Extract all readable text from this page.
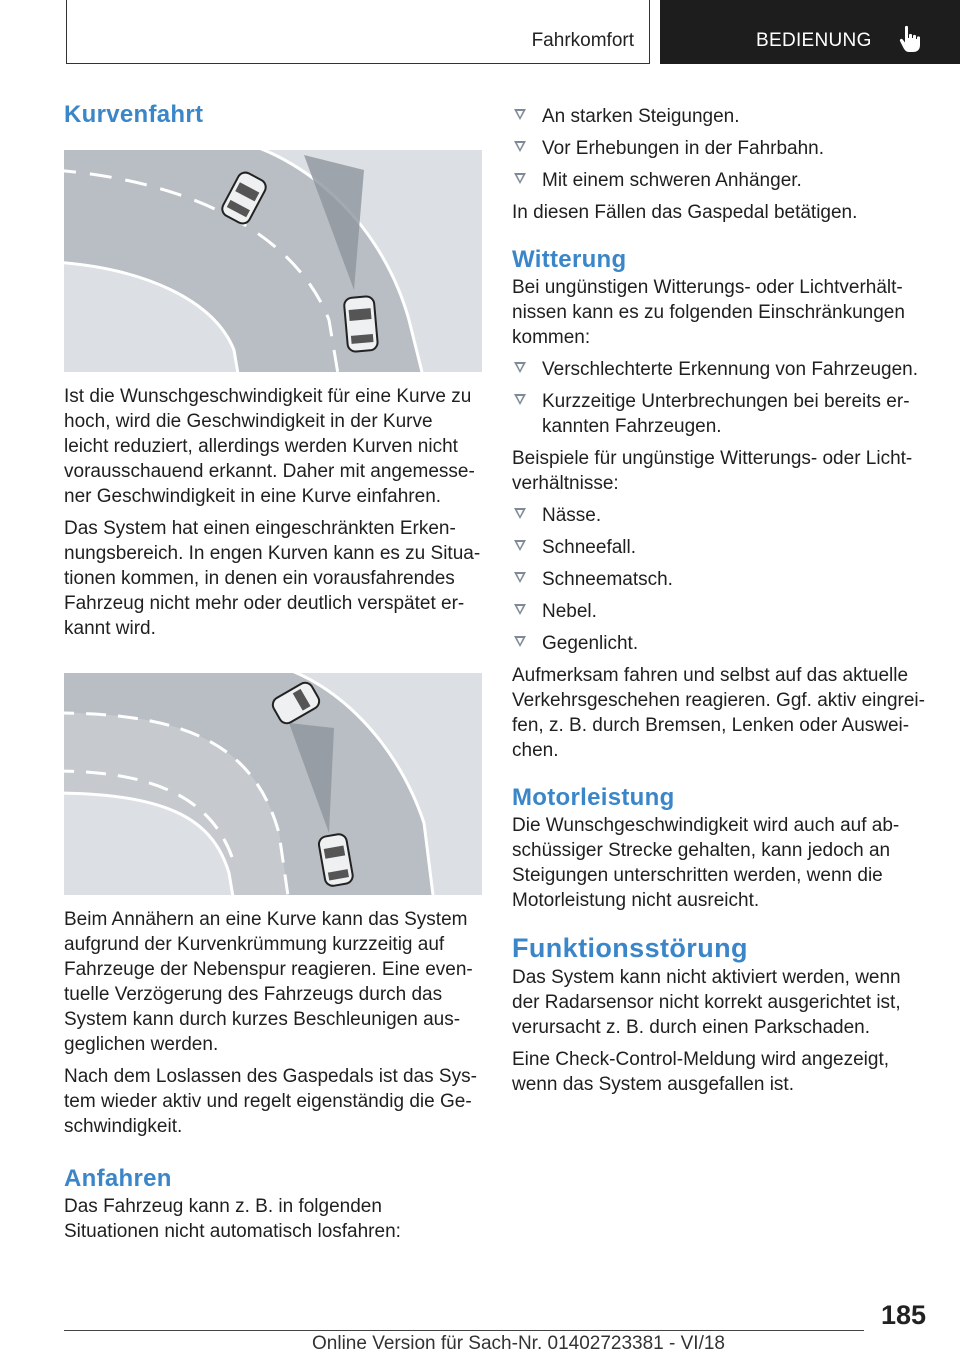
Fahrkomfort	BEDIENUNG
Kurvenfahrt

Ist die Wunschgeschwindigkeit für eine Kurve zu hoch, wird die Geschwindigkeit in der Kurve leicht reduziert, allerdings werden Kurven nicht vorausschauend erkannt. Daher mit angemesse‐ ner Geschwindigkeit in eine Kurve einfahren.

Das System hat einen eingeschränkten Erken‐ nungsbereich. In engen Kurven kann es zu Situa‐ tionen kommen, in denen ein vorausfahrendes Fahrzeug nicht mehr oder deutlich verspätet er‐ kannt wird.

Beim Annähern an eine Kurve kann das System aufgrund der Kurvenkrümmung kurzzeitig auf Fahrzeuge der Nebenspur reagieren. Eine even‐ tuelle Verzögerung des Fahrzeugs durch das System kann durch kurzes Beschleunigen aus‐ geglichen werden.

Nach dem Loslassen des Gaspedals ist das Sys‐ tem wieder aktiv und regelt eigenständig die Ge‐ schwindigkeit.

Anfahren

Das Fahrzeug kann z. B. in folgenden Situationen nicht automatisch losfahren:

An starken Steigungen.
Vor Erhebungen in der Fahrbahn.
Mit einem schweren Anhänger.

In diesen Fällen das Gaspedal betätigen.

Witterung

Bei ungünstigen Witterungs- oder Lichtverhält‐ nissen kann es zu folgenden Einschränkungen kommen:

Verschlechterte Erkennung von Fahrzeugen.
Kurzzeitige Unterbrechungen bei bereits er‐ kannten Fahrzeugen.

Beispiele für ungünstige Witterungs- oder Licht‐ verhältnisse:

Nässe.
Schneefall.
Schneematsch.
Nebel.
Gegenlicht.

Aufmerksam fahren und selbst auf das aktuelle Verkehrsgeschehen reagieren. Ggf. aktiv eingrei‐ fen, z. B. durch Bremsen, Lenken oder Auswei‐ chen.

Motorleistung

Die Wunschgeschwindigkeit wird auch auf ab‐ schüssiger Strecke gehalten, kann jedoch an Steigungen unterschritten werden, wenn die Motorleistung nicht ausreicht.

Funktionsstörung

Das System kann nicht aktiviert werden, wenn der Radarsensor nicht korrekt ausgerichtet ist, verursacht z. B. durch einen Parkschaden.

Eine Check-Control-Meldung wird angezeigt, wenn das System ausgefallen ist.

185
Online Version für Sach-Nr. 01402723381 - VI/18
